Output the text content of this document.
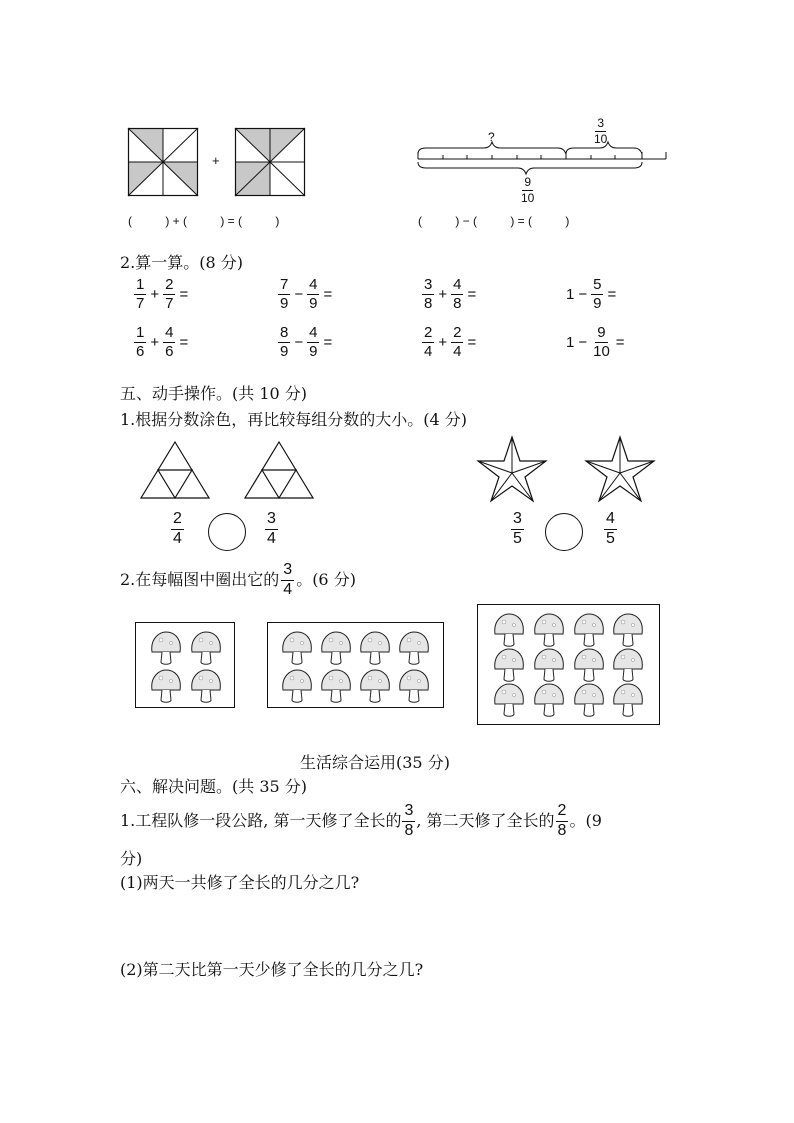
+
(          ) + (          ) = (          )
?	$\frac{3}{10}$
$\frac{9}{10}$
(          ) − (          ) = (          )
2.算一算。(8 分)
$\frac{1}{7} + \frac{2}{7}$ =	$\frac{7}{9} - \frac{4}{9}$ =	$\frac{3}{8} + \frac{4}{8}$ =	$1 - \frac{5}{9}$ =
$\frac{1}{6} + \frac{4}{6}$ =	$\frac{8}{9} - \frac{4}{9}$ =	$\frac{2}{4} + \frac{2}{4}$ =	$1 - \frac{9}{10}$ =
五、动手操作。(共 10 分)
1.根据分数涂色，再比较每组分数的大小。(4 分)
$\frac{2}{4}$	$\frac{3}{4}$	$\frac{3}{5}$	$\frac{4}{5}$
2.在每幅图中圈出它的 $\frac{3}{4}$ 。(6 分)
生活综合运用(35 分)
六、解决问题。(共 35 分)
1.工程队修一段公路, 第一天修了全长的 $\frac{3}{8}$ , 第二天修了全长的 $\frac{2}{8}$ 。(9
分)
(1)两天一共修了全长的几分之几?
(2)第二天比第一天少修了全长的几分之几?
